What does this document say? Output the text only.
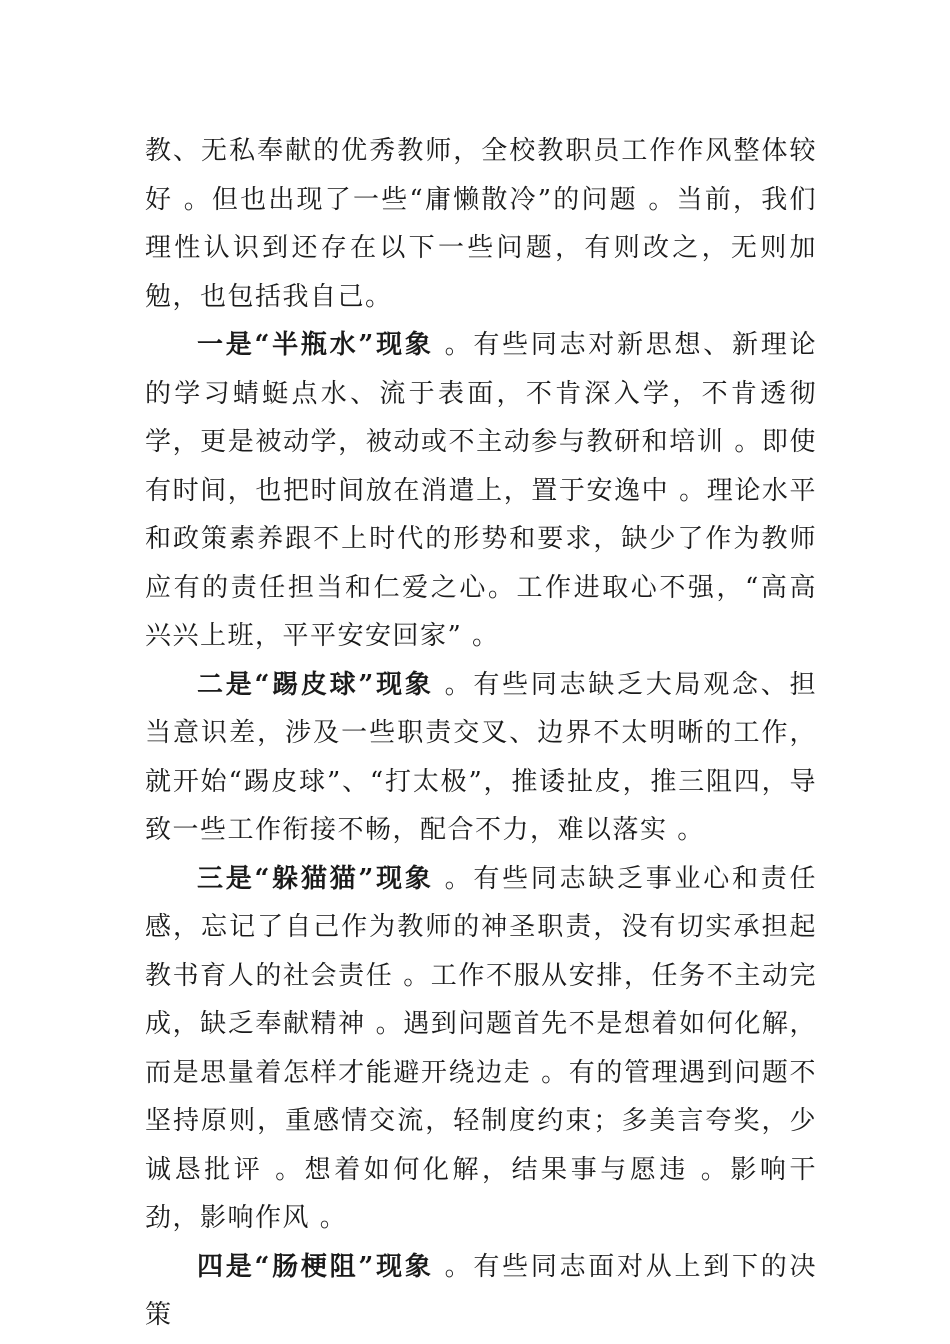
教、无私奉献的优秀教师，全校教职员工作作风整体较好 。但也出现了一些“庸懒散冷”的问题 。当前，我们理性认识到还存在以下一些问题，有则改之，无则加勉，也包括我自己。

一是“半瓶水”现象 。有些同志对新思想、新理论的学习蜻蜓点水、流于表面，不肯深入学，不肯透彻学，更是被动学，被动或不主动参与教研和培训 。即使有时间，也把时间放在消遣上，置于安逸中 。理论水平和政策素养跟不上时代的形势和要求，缺少了作为教师应有的责任担当和仁爱之心。工作进取心不强，“高高兴兴上班，平平安安回家” 。

二是“踢皮球”现象 。有些同志缺乏大局观念、担当意识差，涉及一些职责交叉、边界不太明晰的工作，就开始“踢皮球”、“打太极”，推诿扯皮，推三阻四，导致一些工作衔接不畅，配合不力，难以落实 。

三是“躲猫猫”现象 。有些同志缺乏事业心和责任感，忘记了自己作为教师的神圣职责，没有切实承担起教书育人的社会责任 。工作不服从安排，任务不主动完成，缺乏奉献精神 。遇到问题首先不是想着如何化解，而是思量着怎样才能避开绕边走 。有的管理遇到问题不坚持原则，重感情交流，轻制度约束；多美言夸奖，少诚恳批评 。想着如何化解，结果事与愿违 。影响干劲，影响作风 。

四是“肠梗阻”现象 。有些同志面对从上到下的决策
